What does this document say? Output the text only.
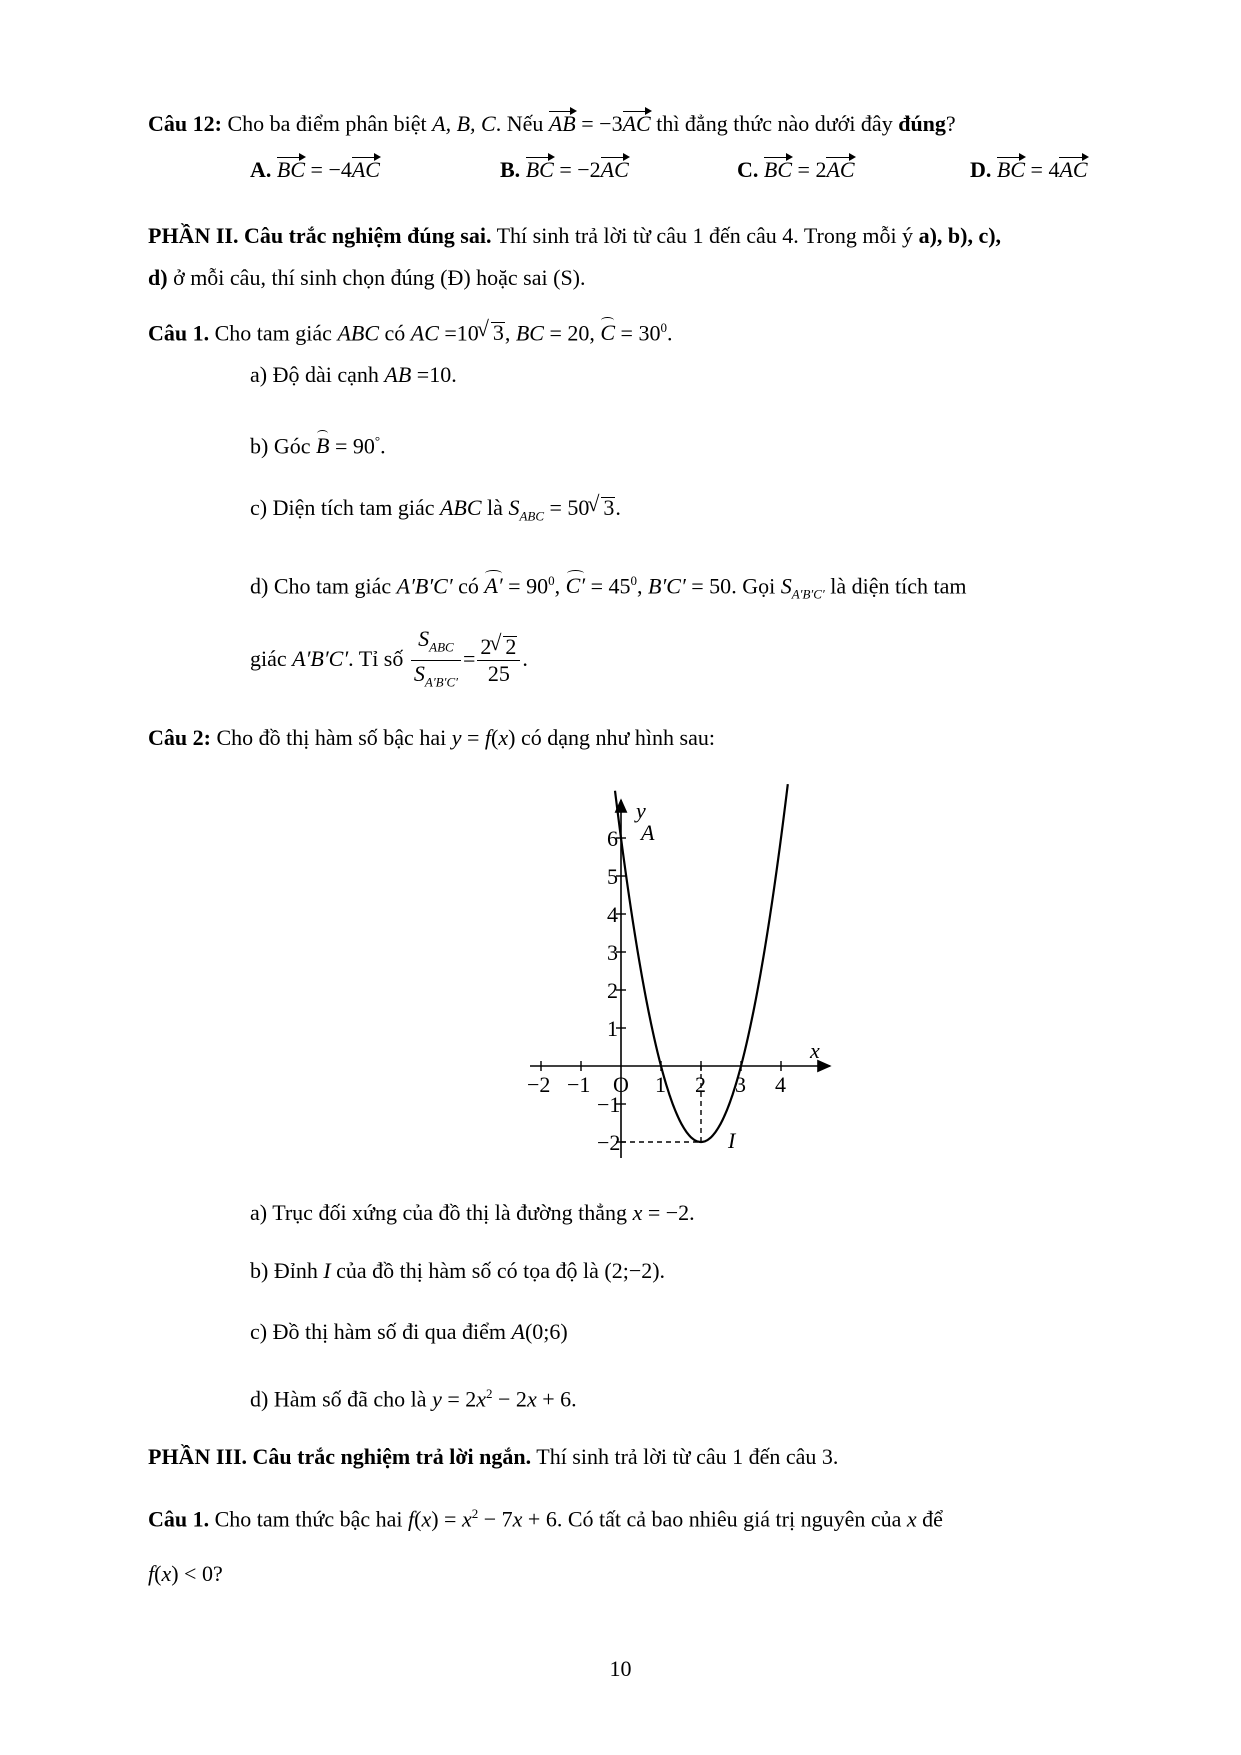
Câu 12: Cho ba điểm phân biệt A, B, C. Nếu AB = −3AC thì đẳng thức nào dưới đây đúng?
A. BC = −4AC	B. BC = −2AC	C. BC = 2AC	D. BC = 4AC
PHẦN II. Câu trắc nghiệm đúng sai. Thí sinh trả lời từ câu 1 đến câu 4. Trong mỗi ý a), b), c),
d) ở mỗi câu, thí sinh chọn đúng (Đ) hoặc sai (S).
Câu 1. Cho tam giác ABC có AC =10√ 3, BC = 20, $C = 30^0$.
a) Độ dài cạnh AB =10.
b) Góc B = 90°.
c) Diện tích tam giác ABC là $S_{ABC} = 50√$ 3.
d) Cho tam giác A′B′C′ có $A' = 90^0$, $C' = 45^0$, B′C′ = 50. Gọi $S_{A'B'C'}$ là diện tích tam
giác A′B′C′. Tỉ số $\frac{S_{ABC}}{S_{A'B'C'}} = \frac{2√ 2}{25}$ .
Câu 2: Cho đồ thị hàm số bậc hai y = f(x) có dạng như hình sau:
−2 −1	1 2 3 4
6
5
4
3
2
1
−1
−2
y
x
A
I
O
a) Trục đối xứng của đồ thị là đường thẳng x = −2.
b) Đỉnh I của đồ thị hàm số có tọa độ là (2;−2).
c) Đồ thị hàm số đi qua điểm A(0;6)
d) Hàm số đã cho là $y = 2x^2 - 2x + 6$.
PHẦN III. Câu trắc nghiệm trả lời ngắn. Thí sinh trả lời từ câu 1 đến câu 3.
Câu 1. Cho tam thức bậc hai $f(x) = x^2 - 7x + 6$. Có tất cả bao nhiêu giá trị nguyên của x để
f(x) < 0?
10
